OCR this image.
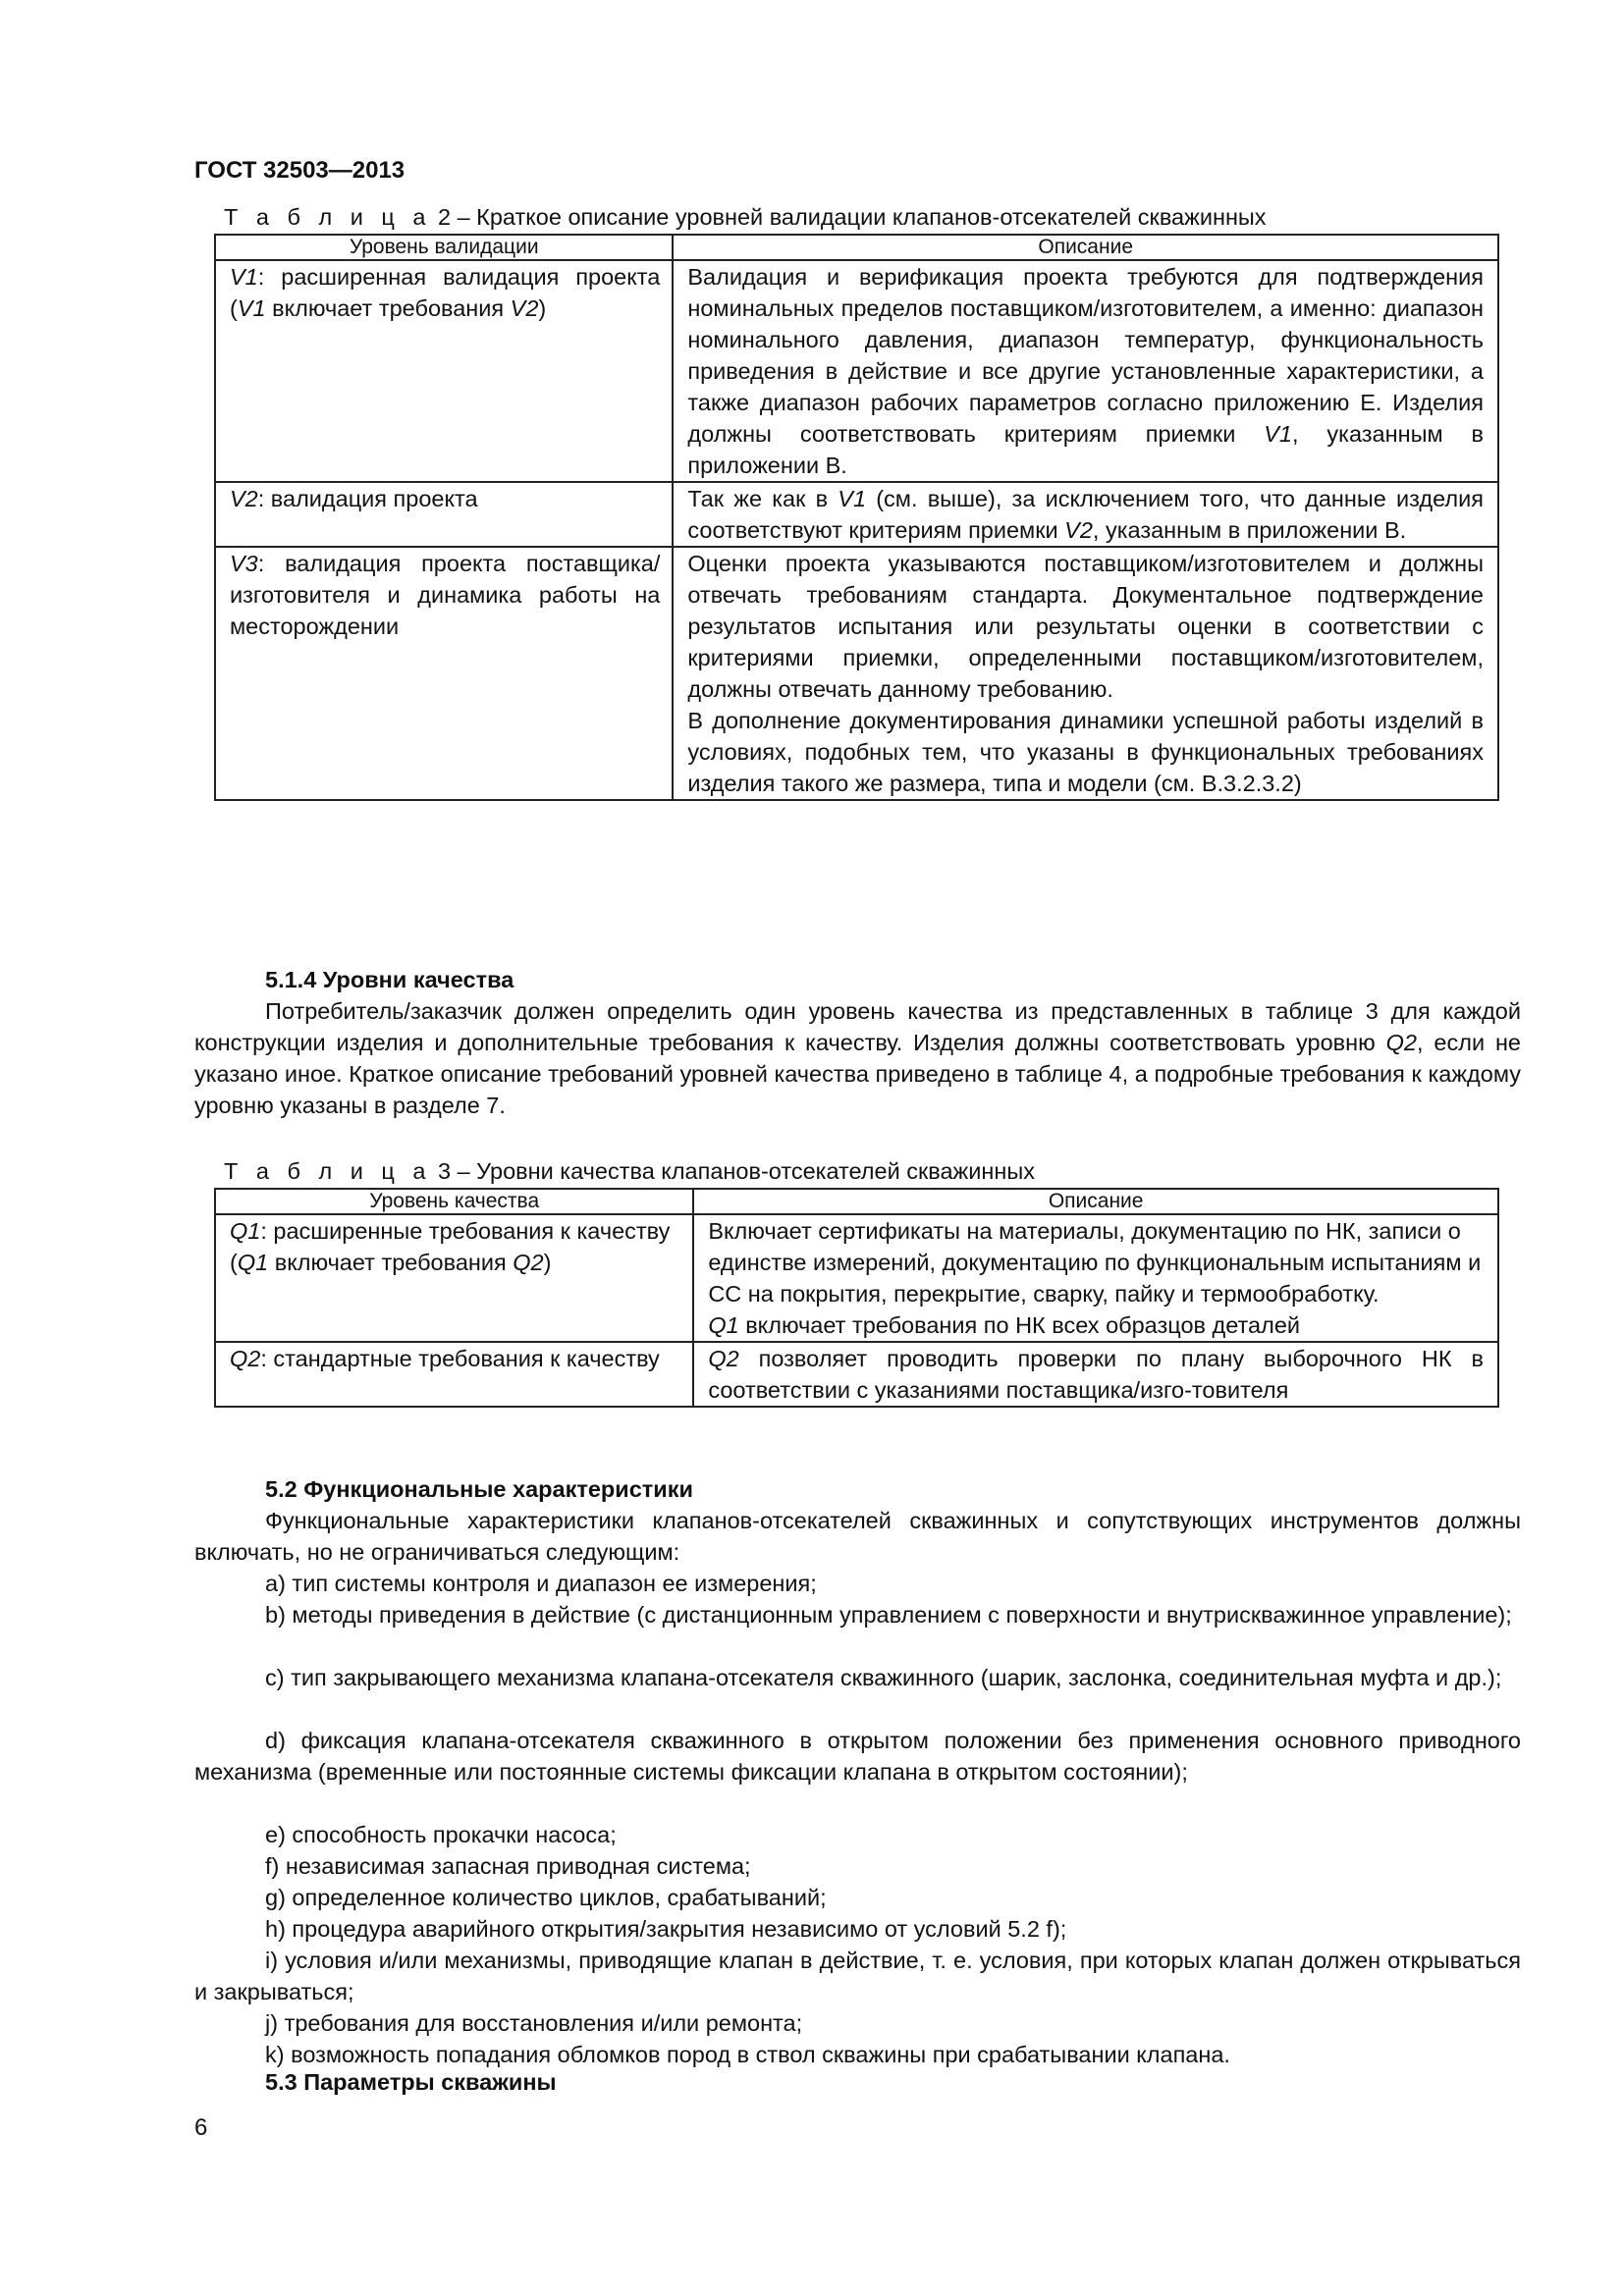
ГОСТ 32503—2013
Т а б л и ц а 2 – Краткое описание уровней валидации клапанов-отсекателей скважинных
Уровень валидации	Описание
V1: расширенная валидация проекта (V1 включает требования V2)	Валидация и верификация проекта требуются для подтверждения номинальных пределов поставщиком/изготовителем, а именно: диапазон номинального давления, диапазон температур, функциональность приведения в действие и все другие установленные характеристики, а также диапазон рабочих параметров согласно приложению Е. Изделия должны соответствовать критериям приемки V1, указанным в приложении В.
V2: валидация проекта	Так же как в V1 (см. выше), за исключением того, что данные изделия соответствуют критериям приемки V2, указанным в приложении В.
V3: валидация проекта поставщика/изготовителя и динамика работы на месторождении	Оценки проекта указываются поставщиком/изготовителем и должны отвечать требованиям стандарта. Документальное подтверждение результатов испытания или результаты оценки в соответствии с критериями приемки, определенными поставщиком/изготовителем, должны отвечать данному требованию.
В дополнение документирования динамики успешной работы изделий в условиях, подобных тем, что указаны в функциональных требованиях изделия такого же размера, типа и модели (см. В.3.2.3.2)
5.1.4 Уровни качества
Потребитель/заказчик должен определить один уровень качества из представленных в таблице 3 для каждой конструкции изделия и дополнительные требования к качеству. Изделия должны соответствовать уровню Q2, если не указано иное. Краткое описание требований уровней качества приведено в таблице 4, а подробные требования к каждому уровню указаны в разделе 7.
Т а б л и ц а 3 – Уровни качества клапанов-отсекателей скважинных
Уровень качества	Описание
Q1: расширенные требования к качеству (Q1 включает требования Q2)	Включает сертификаты на материалы, документацию по НК, записи о единстве измерений, документацию по функциональным испытаниям и СС на покрытия, перекрытие, сварку, пайку и термообработку.
Q1 включает требования по НК всех образцов деталей

Q2: стандартные требования к качеству	Q2 позволяет проводить проверки по плану выборочного НК в соответствии с указаниями поставщика/изго-товителя
5.2 Функциональные характеристики
Функциональные характеристики клапанов-отсекателей скважинных и сопутствующих инструментов должны включать, но не ограничиваться следующим:
a) тип системы контроля и диапазон ее измерения;
b) методы приведения в действие (с дистанционным управлением с поверхности и внутрискважинное управление);
c) тип закрывающего механизма клапана-отсекателя скважинного (шарик, заслонка, соединительная муфта и др.);
d) фиксация клапана-отсекателя скважинного в открытом положении без применения основного приводного механизма (временные или постоянные системы фиксации клапана в открытом состоянии);
e) способность прокачки насоса;
f) независимая запасная приводная система;
g) определенное количество циклов, срабатываний;
h) процедура аварийного открытия/закрытия независимо от условий 5.2 f);
i) условия и/или механизмы, приводящие клапан в действие, т. е. условия, при которых клапан должен открываться и закрываться;
j) требования для восстановления и/или ремонта;
k) возможность попадания обломков пород в ствол скважины при срабатывании клапана.
5.3 Параметры скважины
6
